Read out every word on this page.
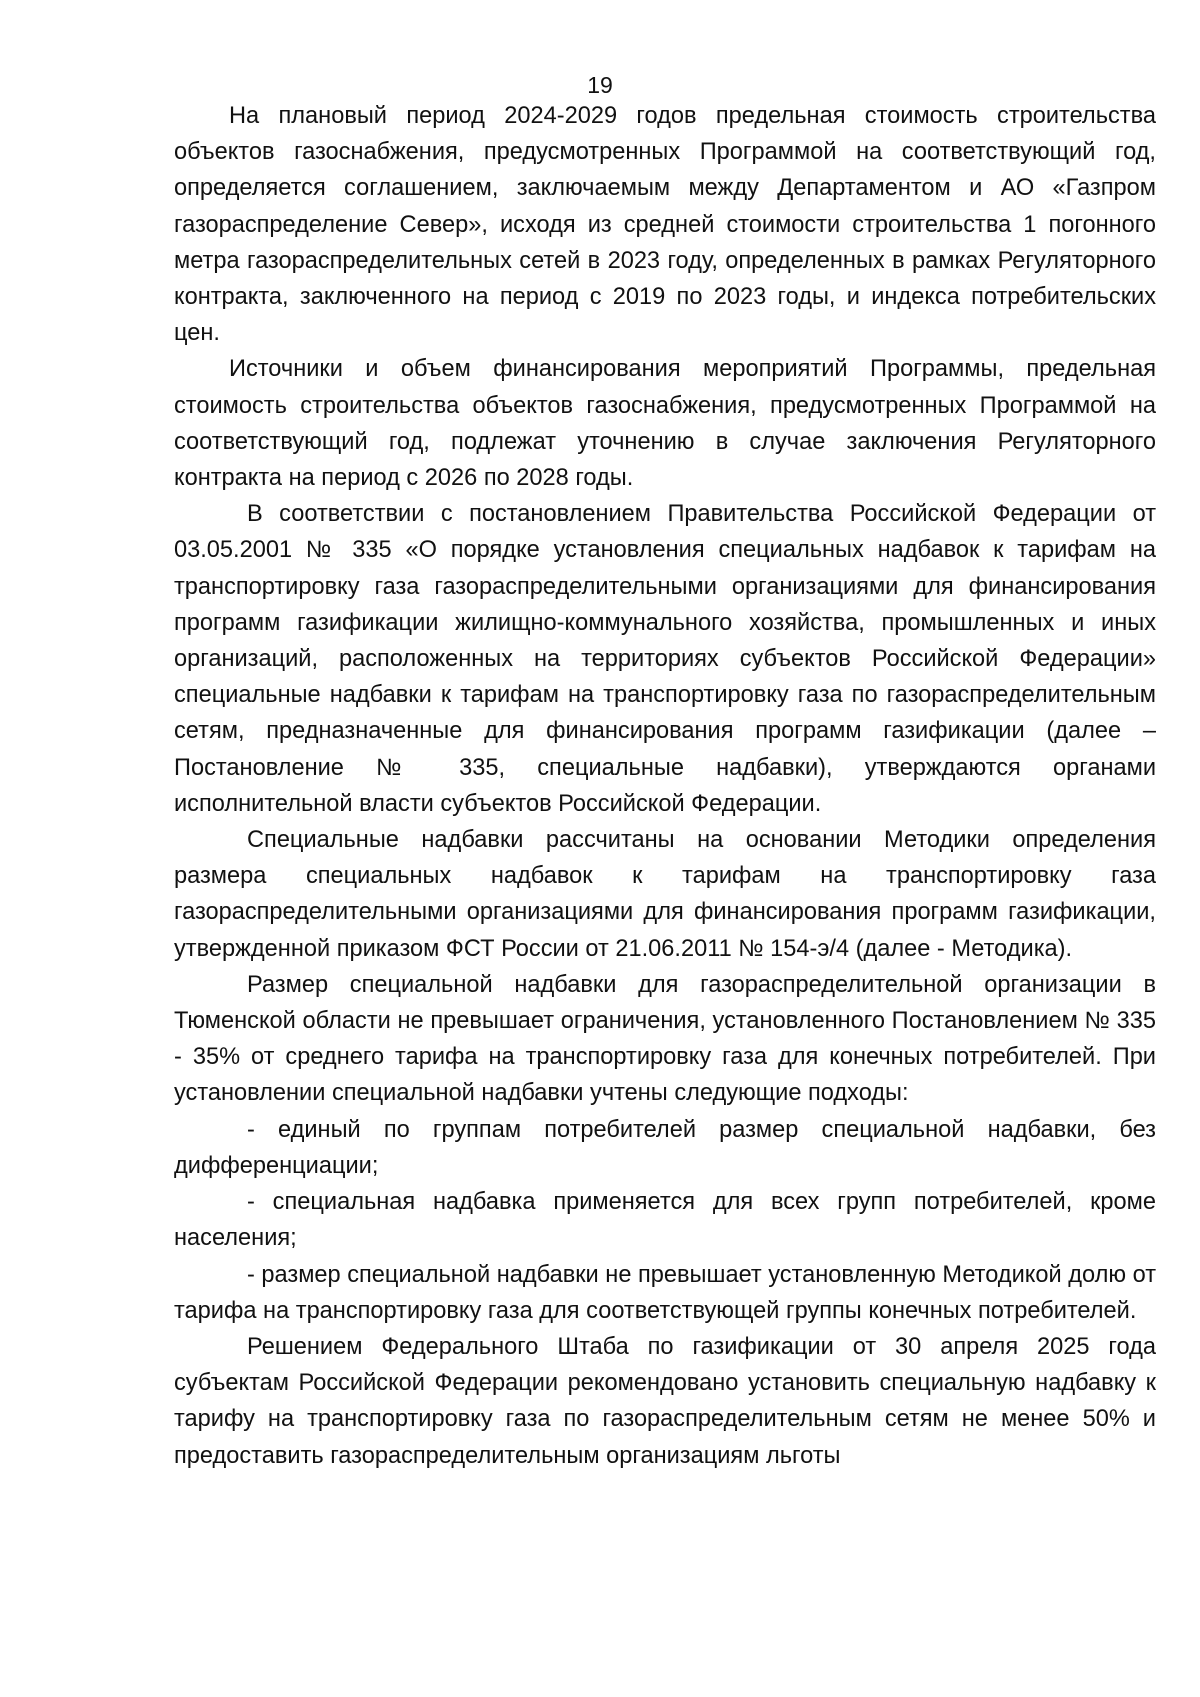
19

На плановый период 2024-2029 годов предельная стоимость строительства объектов газоснабжения, предусмотренных Программой на соответствующий год, определяется соглашением, заключаемым между Департаментом и АО «Газпром газораспределение Север», исходя из средней стоимости строительства 1 погонного метра газораспределительных сетей в 2023 году, определенных в рамках Регуляторного контракта, заключенного на период с 2019 по 2023 годы, и индекса потребительских цен.

Источники и объем финансирования мероприятий Программы, предельная стоимость строительства объектов газоснабжения, предусмотренных Программой на соответствующий год, подлежат уточнению в случае заключения Регуляторного контракта на период с 2026 по 2028 годы.

В соответствии с постановлением Правительства Российской Федерации от 03.05.2001 № 335 «О порядке установления специальных надбавок к тарифам на транспортировку газа газораспределительными организациями для финансирования программ газификации жилищно-коммунального хозяйства, промышленных и иных организаций, расположенных на территориях субъектов Российской Федерации» специальные надбавки к тарифам на транспортировку газа по газораспределительным сетям, предназначенные для финансирования программ газификации (далее – Постановление № 335, специальные надбавки), утверждаются органами исполнительной власти субъектов Российской Федерации.

Специальные надбавки рассчитаны на основании Методики определения размера специальных надбавок к тарифам на транспортировку газа газораспределительными организациями для финансирования программ газификации, утвержденной приказом ФСТ России от 21.06.2011 № 154-э/4 (далее - Методика).

Размер специальной надбавки для газораспределительной организации в Тюменской области не превышает ограничения, установленного Постановлением № 335 - 35% от среднего тарифа на транспортировку газа для конечных потребителей. При установлении специальной надбавки учтены следующие подходы:

- единый по группам потребителей размер специальной надбавки, без дифференциации;

- специальная надбавка применяется для всех групп потребителей, кроме населения;

- размер специальной надбавки не превышает установленную Методикой долю от тарифа на транспортировку газа для соответствующей группы конечных потребителей.

Решением Федерального Штаба по газификации от 30 апреля 2025 года субъектам Российской Федерации рекомендовано установить специальную надбавку к тарифу на транспортировку газа по газораспределительным сетям не менее 50% и предоставить газораспределительным организациям льготы
